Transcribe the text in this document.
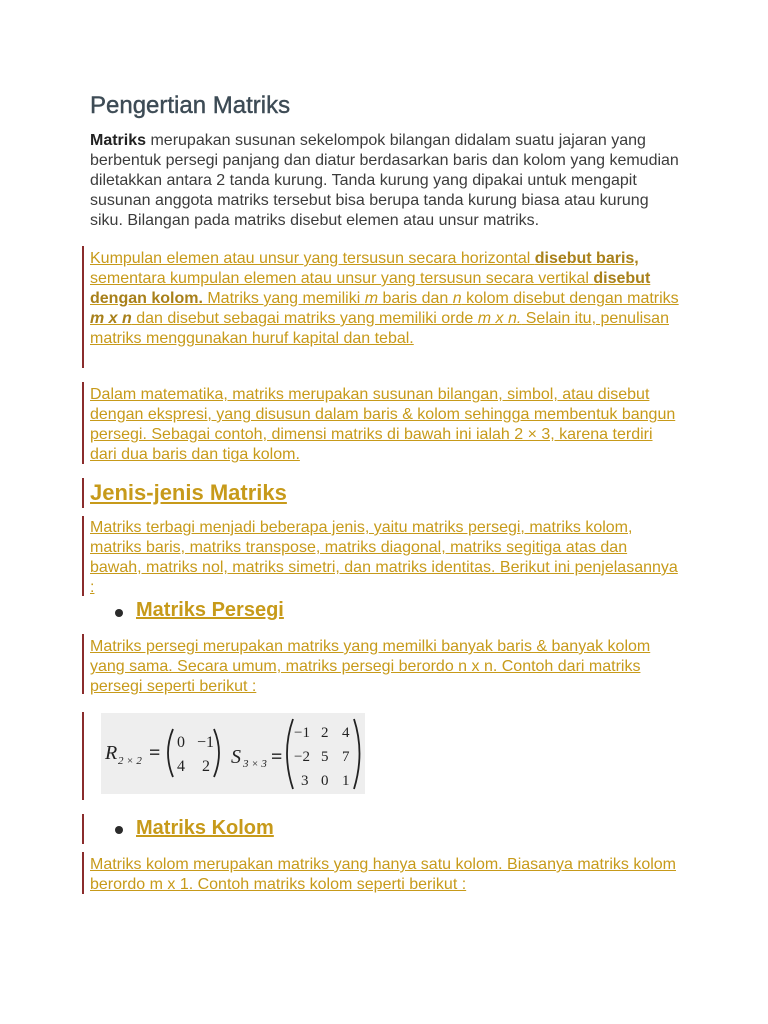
Pengertian Matriks

Matriks merupakan susunan sekelompok bilangan didalam suatu jajaran yang berbentuk persegi panjang dan diatur berdasarkan baris dan kolom yang kemudian diletakkan antara 2 tanda kurung. Tanda kurung yang dipakai untuk mengapit susunan anggota matriks tersebut bisa berupa tanda kurung biasa atau kurung siku. Bilangan pada matriks disebut elemen atau unsur matriks.

Kumpulan elemen atau unsur yang tersusun secara horizontal disebut baris, sementara kumpulan elemen atau unsur yang tersusun secara vertikal disebut dengan kolom. Matriks yang memiliki m baris dan n kolom disebut dengan matriks m x n dan disebut sebagai matriks yang memiliki orde m x n. Selain itu, penulisan matriks menggunakan huruf kapital dan tebal.

Dalam matematika, matriks merupakan susunan bilangan, simbol, atau disebut dengan ekspresi, yang disusun dalam baris & kolom sehingga membentuk bangun persegi. Sebagai contoh, dimensi matriks di bawah ini ialah 2 × 3, karena terdiri dari dua baris dan tiga kolom.

Jenis-jenis Matriks

Matriks terbagi menjadi beberapa jenis, yaitu matriks persegi, matriks kolom, matriks baris, matriks transpose, matriks diagonal, matriks segitiga atas dan bawah, matriks nol, matriks simetri, dan matriks identitas. Berikut ini penjelasannya :

Matriks Persegi

Matriks persegi merupakan matriks yang memilki banyak baris & banyak kolom yang sama. Secara umum, matriks persegi berordo n x n. Contoh dari matriks persegi seperti berikut :

Matriks Kolom

Matriks kolom merupakan matriks yang hanya satu kolom. Biasanya matriks kolom berordo m x 1. Contoh matriks kolom seperti berikut :

R 2 × 2 = 0 −1
4 2 S 3 × 3 =
−1 2 4
−2 5 7
3 0 1
